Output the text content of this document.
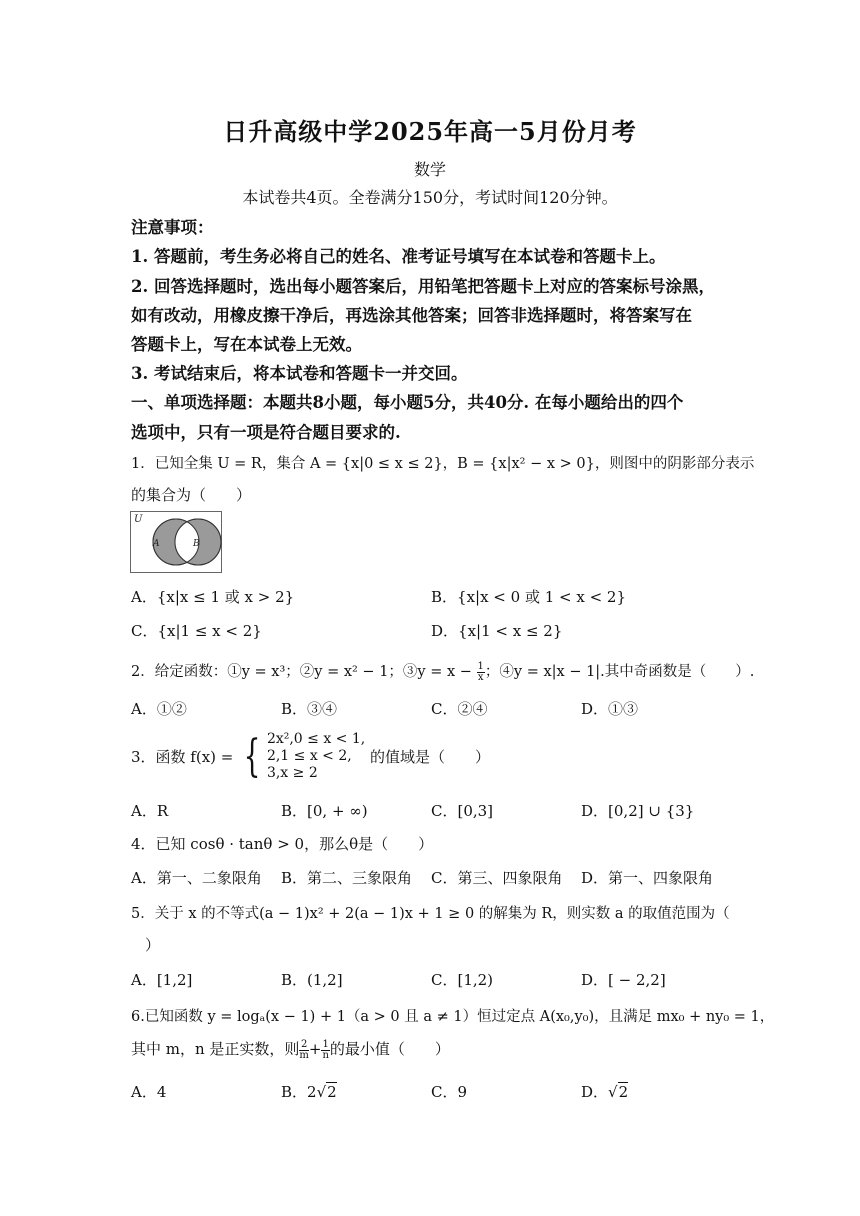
日升高级中学2025年高一5月份月考
数学
本试卷共4页。全卷满分150分，考试时间120分钟。
注意事项：
1. 答题前，考生务必将自己的姓名、准考证号填写在本试卷和答题卡上。
2. 回答选择题时，选出每小题答案后，用铅笔把答题卡上对应的答案标号涂黑，
如有改动，用橡皮擦干净后，再选涂其他答案；回答非选择题时，将答案写在
答题卡上，写在本试卷上无效。
3. 考试结束后，将本试卷和答题卡一并交回。
一、单项选择题：本题共8小题，每小题5分，共40分. 在每小题给出的四个
选项中，只有一项是符合题目要求的.
1．已知全集 U = R，集合 A = {x|0 ≤ x ≤ 2}，B = {x|x² − x > 0}，则图中的阴影部分表示
的集合为（　　）
U
A	B
A．{x|x ≤ 1 或 x > 2}	B．{x|x < 0 或 1 < x < 2}
C．{x|1 ≤ x < 2}	D．{x|1 < x ≤ 2}
2．给定函数：①y = x³；②y = x² − 1；③y = $x - \frac{1}{x}$ ；④y = x|x − 1|.其中奇函数是（　　）.
A．①②	B．③④	C．②④	D．①③
3．函数 f(x) = { 2x²,0 ≤ x < 1,
2,1 ≤ x < 2,
3,x ≥ 2
的值域是（　　）
A．R	B．[0, + ∞)	C．[0,3]	D．[0,2] ∪ {3}
4．已知 cosθ · tanθ > 0，那么θ是（　　）
A．第一、二象限角 B．第二、三象限角 C．第三、四象限角 D．第一、四象限角
5．关于 x 的不等式(a − 1)x² + 2(a − 1)x + 1 ≥ 0 的解集为 R，则实数 a 的取值范围为（
）
A．[1,2]	B．(1,2]	C．[1,2)	D．[ − 2,2]
6.已知函数 y = logₐ(x − 1) + 1（a > 0 且 a ≠ 1）恒过定点 A(x₀,y₀)，且满足 mx₀ + ny₀ = 1，
其中 m，n 是正实数，则 $\frac{2}{m} + \frac{1}{n}$ 的最小值（　　）
A．4	B．2√2	C．9	D．√2
